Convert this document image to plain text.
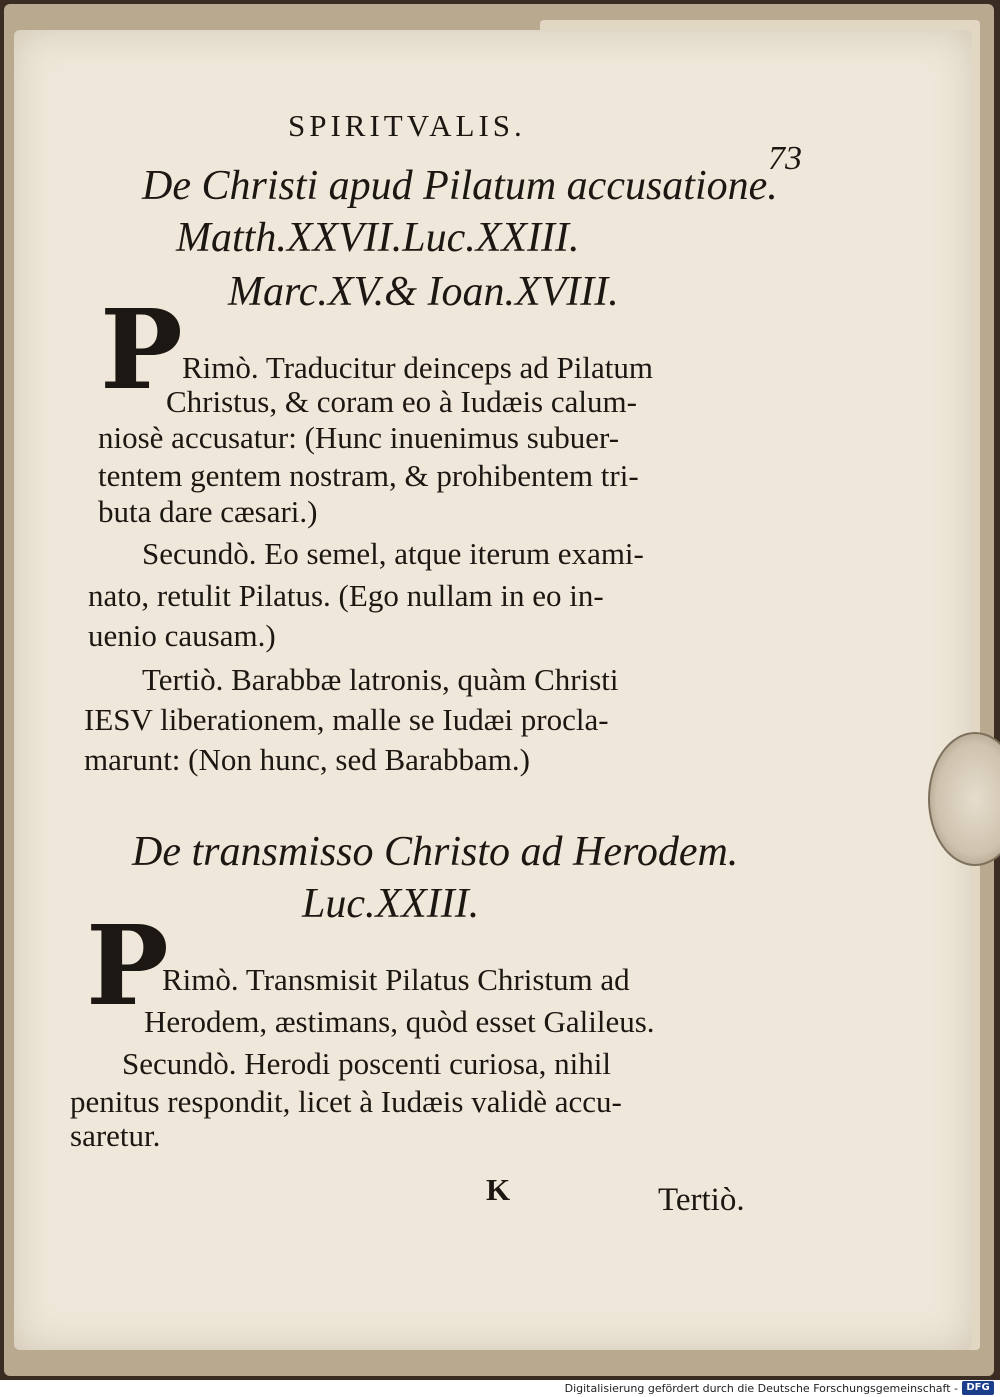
SPIRITVALIS.
73
De Christi apud Pilatum accusatione.
Matth.XXVII.Luc.XXIII.
Marc.XV.& Ioan.XVIII.
P Rimò. Traducitur deinceps ad Pilatum
Christus, & coram eo à Iudæis calum-
niosè accusatur: (Hunc inuenimus subuer-
tentem gentem nostram, & prohibentem tri-
buta dare cæsari.)
Secundò. Eo semel, atque iterum exami-
nato, retulit Pilatus. (Ego nullam in eo in-
uenio causam.)
Tertiò. Barabbæ latronis, quàm Christi
IESV liberationem, malle se Iudæi procla-
marunt: (Non hunc, sed Barabbam.)
De transmisso Christo ad Herodem.
Luc.XXIII.
P
Rimò. Transmisit Pilatus Christum ad
Herodem, æstimans, quòd esset Galileus.
Secundò. Herodi poscenti curiosa, nihil
penitus respondit, licet à Iudæis validè accu-
saretur.
K	Tertiò.
Digitalisierung gefördert durch die Deutsche Forschungsgemeinschaft - DFG
